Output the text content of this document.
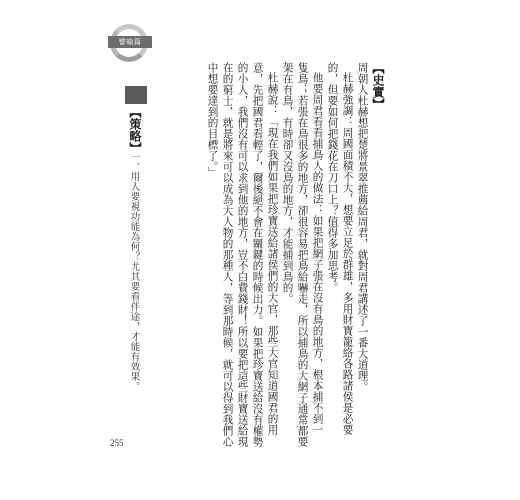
譬喻篇
【史實】
周朝人杜赫想把楚將景翠推薦給周君，就對周君講述了一番大道理。
杜赫強調：周國面積不大，想要立足於群雄，多用財寶籠絡各路諸侯是必要
的，但要如何把錢花在刀口上？值得多加思考。
他要周君看看捕鳥人的做法：如果把網子張在沒有鳥的地方，根本捕不到一
隻鳥；若張在鳥很多的地方，卻很容易把鳥給嚇走，所以捕鳥的大網子通常都要
架在有鳥，有時卻又沒鳥的地方，才能捕到鳥的。
杜赫說：「現在我們如果把珍寶送給諸侯們的大官，那些大官知道國君的用
意，先把國君看輕了，爾後絕不會在關鍵的時候出力。如果把珍寶送給沒有權勢
的小人，我們沒有可以求到他的地方，豈不白費錢財！所以要把這些財寶送給現
在的窮士，就是將來可以成為大人物的那種人，等到那時候，就可以得到我們心
中想要達到的目標了。」
【策略】
一、用人要視功能為何？尤其要看伴途，才能有效果。
255
